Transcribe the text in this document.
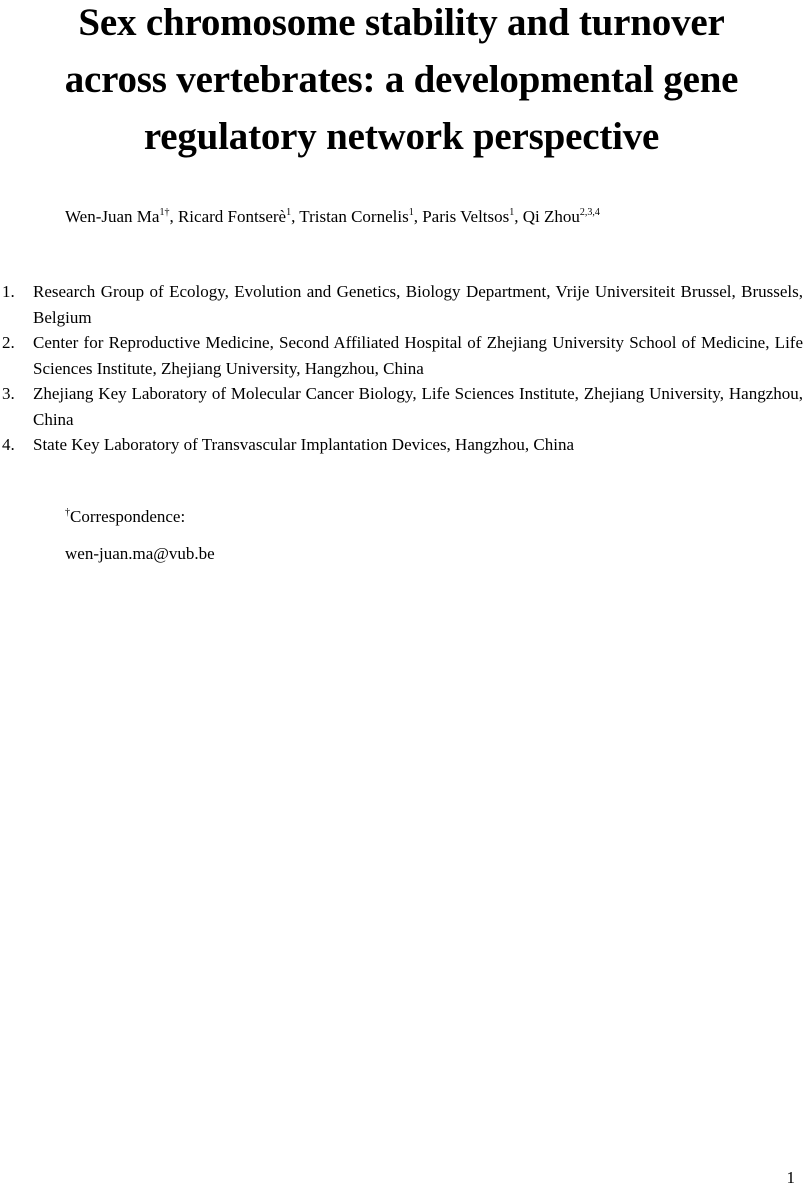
Sex chromosome stability and turnover
across vertebrates: a developmental gene
regulatory network perspective
Wen-Juan $Ma^{1\dagger}$, Ricard Fontserè$^1$, Tristan Cornelis$^1$, Paris Veltsos$^1$, Qi Zhou$^{2,3,4}$
1. Research Group of Ecology, Evolution and Genetics, Biology Department, Vrije Universiteit Brussel, Brussels, Belgium
2. Center for Reproductive Medicine, Second Affiliated Hospital of Zhejiang University School of Medicine, Life Sciences Institute, Zhejiang University, Hangzhou, China
3. Zhejiang Key Laboratory of Molecular Cancer Biology, Life Sciences Institute, Zhejiang University, Hangzhou, China
4. State Key Laboratory of Transvascular Implantation Devices, Hangzhou, China
†Correspondence:
wen-juan.ma@vub.be
1
